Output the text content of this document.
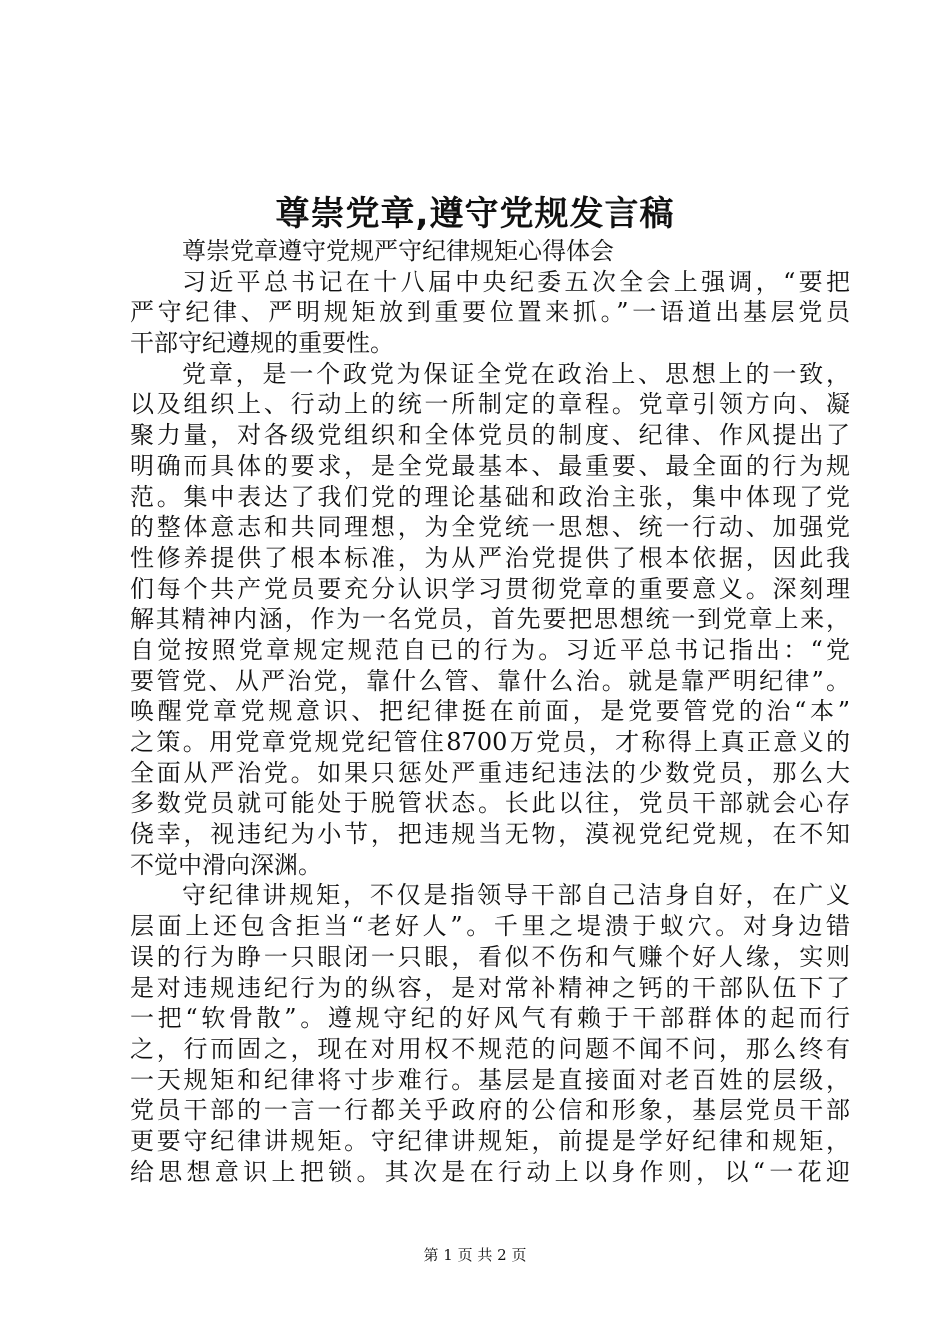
尊崇党章,遵守党规发言稿
尊崇党章遵守党规严守纪律规矩心得体会
习近平总书记在十八届中央纪委五次全会上强调，“要把
严守纪律、严明规矩放到重要位置来抓。”一语道出基层党员
干部守纪遵规的重要性。
党章，是一个政党为保证全党在政治上、思想上的一致，
以及组织上、行动上的统一所制定的章程。党章引领方向、凝
聚力量，对各级党组织和全体党员的制度、纪律、作风提出了
明确而具体的要求，是全党最基本、最重要、最全面的行为规
范。集中表达了我们党的理论基础和政治主张，集中体现了党
的整体意志和共同理想，为全党统一思想、统一行动、加强党
性修养提供了根本标准，为从严治党提供了根本依据，因此我
们每个共产党员要充分认识学习贯彻党章的重要意义。深刻理
解其精神内涵，作为一名党员，首先要把思想统一到党章上来，
自觉按照党章规定规范自已的行为。习近平总书记指出：“党
要管党、从严治党，靠什么管、靠什么治。就是靠严明纪律”。
唤醒党章党规意识、把纪律挺在前面，是党要管党的治“本”
之策。用党章党规党纪管住8700万党员，才称得上真正意义的
全面从严治党。如果只惩处严重违纪违法的少数党员，那么大
多数党员就可能处于脱管状态。长此以往，党员干部就会心存
侥幸，视违纪为小节，把违规当无物，漠视党纪党规，在不知
不觉中滑向深渊。
守纪律讲规矩，不仅是指领导干部自己洁身自好，在广义
层面上还包含拒当“老好人”。千里之堤溃于蚁穴。对身边错
误的行为睁一只眼闭一只眼，看似不伤和气赚个好人缘，实则
是对违规违纪行为的纵容，是对常补精神之钙的干部队伍下了
一把“软骨散”。遵规守纪的好风气有赖于干部群体的起而行
之，行而固之，现在对用权不规范的问题不闻不问，那么终有
一天规矩和纪律将寸步难行。基层是直接面对老百姓的层级，
党员干部的一言一行都关乎政府的公信和形象，基层党员干部
更要守纪律讲规矩。守纪律讲规矩，前提是学好纪律和规矩，
给思想意识上把锁。其次是在行动上以身作则，以“一花迎
第 1 页 共 2 页
